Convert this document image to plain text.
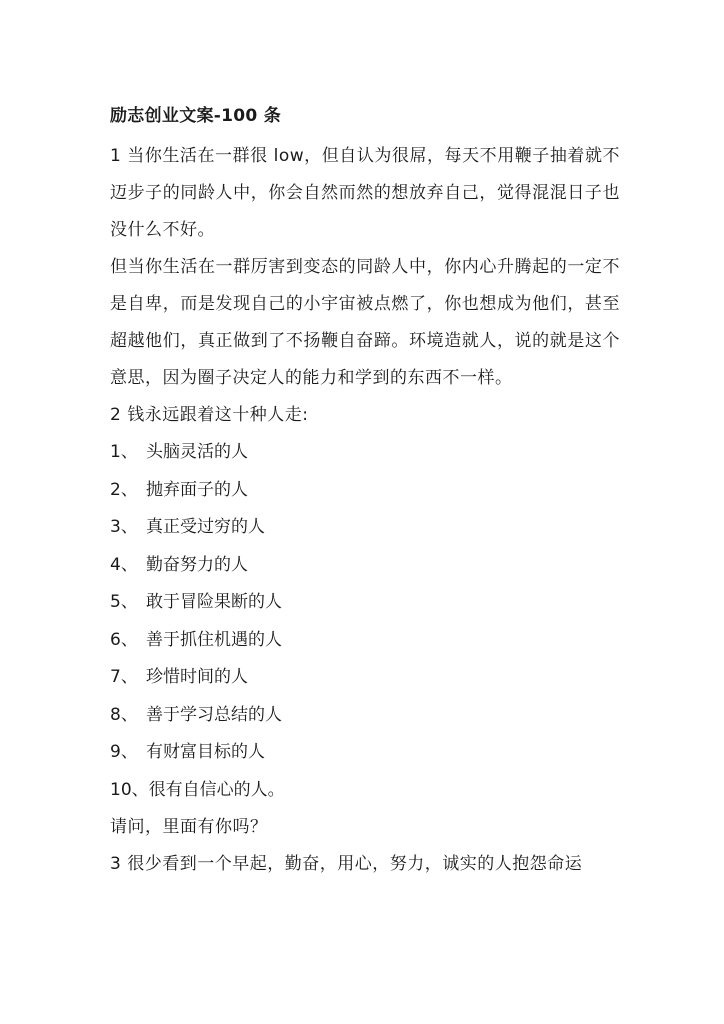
励志创业文案-100 条

1 当你生活在一群很 low，但自认为很屌，每天不用鞭子抽着就不迈步子的同龄人中，你会自然而然的想放弃自己，觉得混混日子也没什么不好。

但当你生活在一群厉害到变态的同龄人中，你内心升腾起的一定不是自卑，而是发现自己的小宇宙被点燃了，你也想成为他们，甚至超越他们，真正做到了不扬鞭自奋蹄。环境造就人，说的就是这个意思，因为圈子决定人的能力和学到的东西不一样。

2 钱永远跟着这十种人走:

1、 头脑灵活的人

2、 抛弃面子的人

3、 真正受过穷的人

4、 勤奋努力的人

5、 敢于冒险果断的人

6、 善于抓住机遇的人

7、 珍惜时间的人

8、 善于学习总结的人

9、 有财富目标的人

10、 很有自信心的人。

请问，里面有你吗？

3 很少看到一个早起，勤奋，用心，努力，诚实的人抱怨命运
